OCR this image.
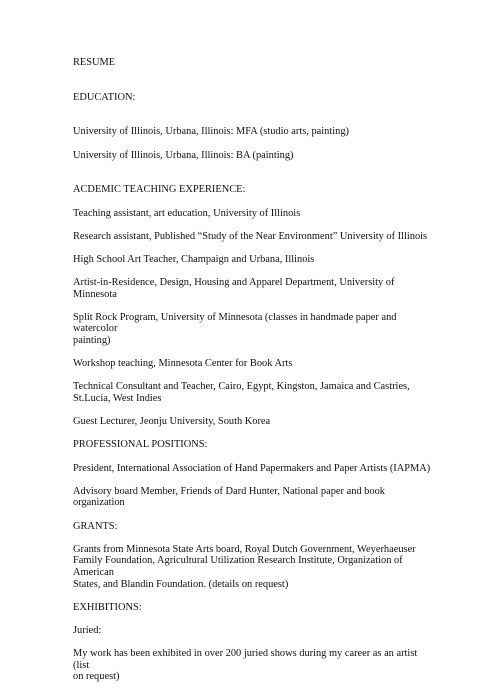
RESUME
EDUCATION:

University of Illinois, Urbana, Illinois: MFA (studio arts, painting)

University of Illinois, Urbana, Illinois: BA (painting)

ACDEMIC TEACHING EXPERIENCE:
Teaching assistant, art education, University of Illinois
Research assistant, Published “Study of the Near Environment” University of Illinois
High School Art Teacher, Champaign and Urbana, Illinois
Artist-in-Residence, Design, Housing and Apparel Department, University of Minnesota
Split Rock Program, University of Minnesota (classes in handmade paper and watercolor
painting)
Workshop teaching, Minnesota Center for Book Arts
Technical Consultant and Teacher, Cairo, Egypt, Kingston, Jamaica and Castries,
St.Lucia, West Indies
Guest Lecturer, Jeonju University, South Korea
PROFESSIONAL POSITIONS:
President, International Association of Hand Papermakers and Paper Artists (IAPMA)
Advisory board Member, Friends of Dard Hunter, National paper and book organization
GRANTS:
Grants from Minnesota State Arts board, Royal Dutch Government, Weyerhaeuser
Family Foundation, Agricultural Utilization Research Institute, Organization of American
States, and Blandin Foundation. (details on request)
EXHIBITIONS:
Juried:
My work has been exhibited in over 200 juried shows during my career as an artist (list
on request)
